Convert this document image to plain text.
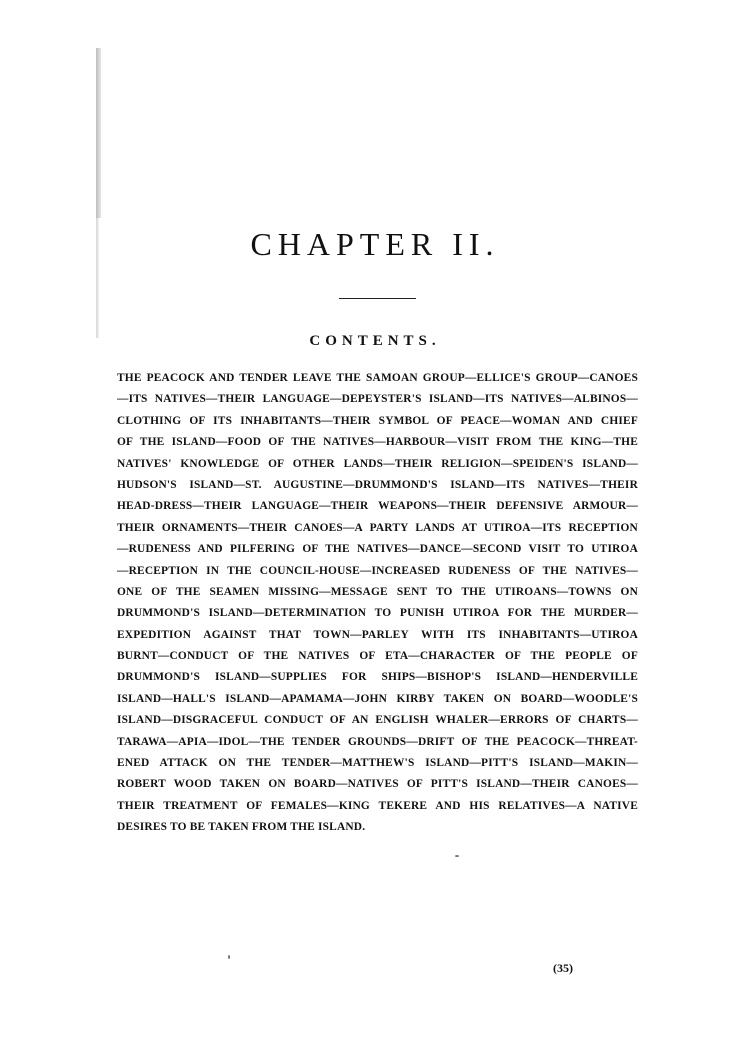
CHAPTER II.
CONTENTS.
THE PEACOCK AND TENDER LEAVE THE SAMOAN GROUP—ELLICE'S GROUP—CANOES
—ITS NATIVES—THEIR LANGUAGE—DEPEYSTER'S ISLAND—ITS NATIVES—ALBINOS—
CLOTHING OF ITS INHABITANTS—THEIR SYMBOL OF PEACE—WOMAN AND CHIEF
OF THE ISLAND—FOOD OF THE NATIVES—HARBOUR—VISIT FROM THE KING—THE
NATIVES' KNOWLEDGE OF OTHER LANDS—THEIR RELIGION—SPEIDEN'S ISLAND—
HUDSON'S ISLAND—ST. AUGUSTINE—DRUMMOND'S ISLAND—ITS NATIVES—THEIR
HEAD-DRESS—THEIR LANGUAGE—THEIR WEAPONS—THEIR DEFENSIVE ARMOUR—
THEIR ORNAMENTS—THEIR CANOES—A PARTY LANDS AT UTIROA—ITS RECEPTION
—RUDENESS AND PILFERING OF THE NATIVES—DANCE—SECOND VISIT TO UTIROA
—RECEPTION IN THE COUNCIL-HOUSE—INCREASED RUDENESS OF THE NATIVES—
ONE OF THE SEAMEN MISSING—MESSAGE SENT TO THE UTIROANS—TOWNS ON
DRUMMOND'S ISLAND—DETERMINATION TO PUNISH UTIROA FOR THE MURDER—
EXPEDITION AGAINST THAT TOWN—PARLEY WITH ITS INHABITANTS—UTIROA
BURNT—CONDUCT OF THE NATIVES OF ETA—CHARACTER OF THE PEOPLE OF
DRUMMOND'S ISLAND—SUPPLIES FOR SHIPS—BISHOP'S ISLAND—HENDERVILLE
ISLAND—HALL'S ISLAND—APAMAMA—JOHN KIRBY TAKEN ON BOARD—WOODLE'S
ISLAND—DISGRACEFUL CONDUCT OF AN ENGLISH WHALER—ERRORS OF CHARTS—
TARAWA—APIA—IDOL—THE TENDER GROUNDS—DRIFT OF THE PEACOCK—THREAT-
ENED ATTACK ON THE TENDER—MATTHEW'S ISLAND—PITT'S ISLAND—MAKIN—
ROBERT WOOD TAKEN ON BOARD—NATIVES OF PITT'S ISLAND—THEIR CANOES—
THEIR TREATMENT OF FEMALES—KING TEKERE AND HIS RELATIVES—A NATIVE
DESIRES TO BE TAKEN FROM THE ISLAND.

(35)
